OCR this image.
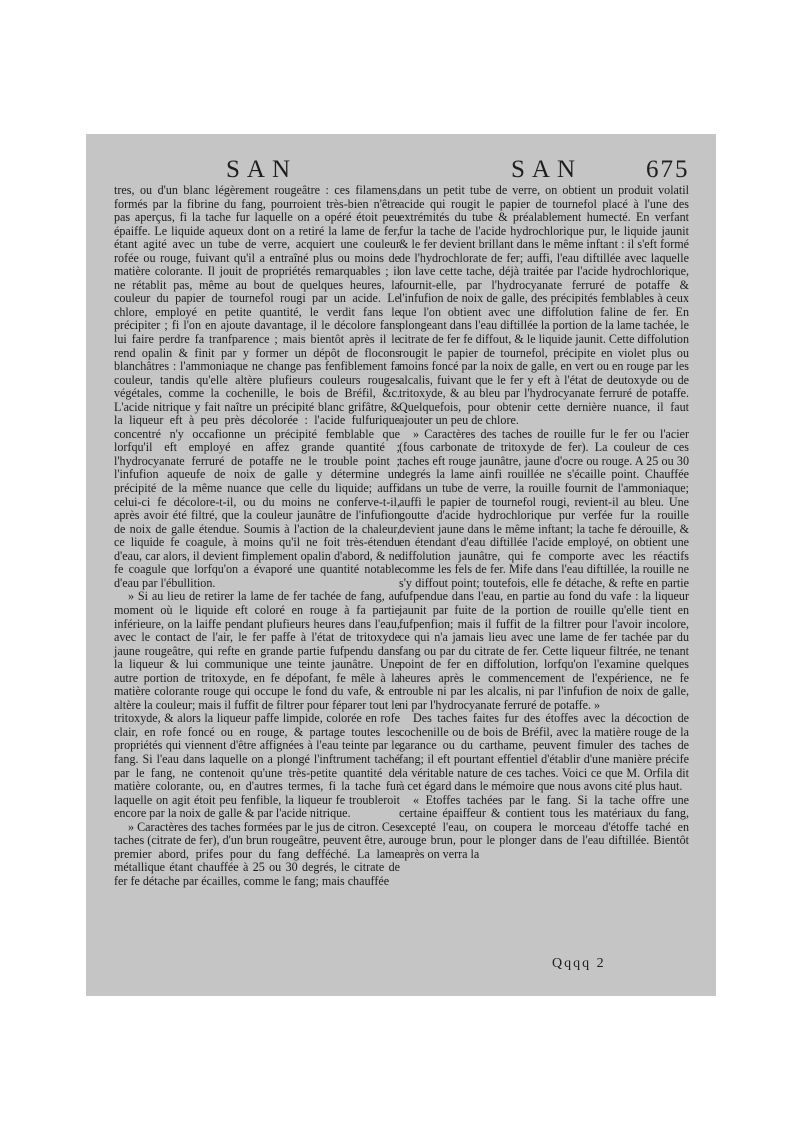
SAN	SAN	675

tres, ou d'un blanc légèrement rougeâtre : ces filamens, formés par la fibrine du fang, pourroient très-bien n'être pas aperçus, fi la tache fur laquelle on a opéré étoit peu épaiffe. Le liquide aqueux dont on a retiré la lame de fer, étant agité avec un tube de verre, acquiert une couleur rofée ou rouge, fuivant qu'il a entraîné plus ou moins de matière colorante. Il jouit de propriétés remarquables ; il ne rétablit pas, même au bout de quelques heures, la couleur du papier de tournefol rougi par un acide. Le chlore, employé en petite quantité, le verdit fans le précipiter ; fi l'on en ajoute davantage, il le décolore fans lui faire perdre fa tranfparence ; mais bientôt après il le rend opalin & finit par y former un dépôt de flocons blanchâtres : l'ammoniaque ne change pas fenfiblement fa couleur, tandis qu'elle altère plufieurs couleurs rouges végétales, comme la cochenille, le bois de Bréfil, &c. L'acide nitrique y fait naître un précipité blanc grifâtre, & la liqueur eft à peu près décolorée : l'acide fulfurique concentré n'y occafionne un précipité femblable que lorfqu'il eft employé en affez grande quantité ; l'hydrocyanate ferruré de potaffe ne le trouble point ; l'infufion aqueufe de noix de galle y détermine un précipité de la même nuance que celle du liquide; auffi celui-ci fe décolore-t-il, ou du moins ne conferve-t-il, après avoir été filtré, que la couleur jaunâtre de l'infufion de noix de galle étendue. Soumis à l'action de la chaleur, ce liquide fe coagule, à moins qu'il ne foit très-étendu d'eau, car alors, il devient fimplement opalin d'abord, & ne fe coagule que lorfqu'on a évaporé une quantité notable d'eau par l'ébullition.

» Si au lieu de retirer la lame de fer tachée de fang, au moment où le liquide eft coloré en rouge à fa partie inférieure, on la laiffe pendant plufieurs heures dans l'eau, avec le contact de l'air, le fer paffe à l'état de tritoxyde jaune rougeâtre, qui refte en grande partie fufpendu dans la liqueur & lui communique une teinte jaunâtre. Une autre portion de tritoxyde, en fe dépofant, fe mêle à la matière colorante rouge qui occupe le fond du vafe, & en altère la couleur; mais il fuffit de filtrer pour féparer tout le tritoxyde, & alors la liqueur paffe limpide, colorée en rofe clair, en rofe foncé ou en rouge, & partage toutes les propriétés qui viennent d'être affignées à l'eau teinte par le fang. Si l'eau dans laquelle on a plongé l'inftrument taché par le fang, ne contenoit qu'une très-petite quantité de matière colorante, ou, en d'autres termes, fi la tache fur laquelle on agit étoit peu fenfible, la liqueur fe troubleroit encore par la noix de galle & par l'acide nitrique.

» Caractères des taches formées par le jus de citron. Ces taches (citrate de fer), d'un brun rougeâtre, peuvent être, au premier abord, prifes pour du fang defféché. La lame métallique étant chauffée à 25 ou 30 degrés, le citrate de fer fe détache par écailles, comme le fang; mais chauffée

dans un petit tube de verre, on obtient un produit volatil acide qui rougit le papier de tournefol placé à l'une des extrémités du tube & préalablement humecté. En verfant fur la tache de l'acide hydrochlorique pur, le liquide jaunit & le fer devient brillant dans le même inftant : il s'eft formé de l'hydrochlorate de fer; auffi, l'eau diftillée avec laquelle on lave cette tache, déjà traitée par l'acide hydrochlorique, fournit-elle, par l'hydrocyanate ferruré de potaffe & l'infufion de noix de galle, des précipités femblables à ceux que l'on obtient avec une diffolution faline de fer. En plongeant dans l'eau diftillée la portion de la lame tachée, le citrate de fer fe diffout, & le liquide jaunit. Cette diffolution rougit le papier de tournefol, précipite en violet plus ou moins foncé par la noix de galle, en vert ou en rouge par les alcalis, fuivant que le fer y eft à l'état de deutoxyde ou de tritoxyde, & au bleu par l'hydrocyanate ferruré de potaffe. Quelquefois, pour obtenir cette dernière nuance, il faut ajouter un peu de chlore.

» Caractères des taches de rouille fur le fer ou l'acier (fous carbonate de tritoxyde de fer). La couleur de ces taches eft rouge jaunâtre, jaune d'ocre ou rouge. A 25 ou 30 degrés la lame ainfi rouillée ne s'écaille point. Chauffée dans un tube de verre, la rouille fournit de l'ammoniaque; auffi le papier de tournefol rougi, revient-il au bleu. Une goutte d'acide hydrochlorique pur verfée fur la rouille devient jaune dans le même inftant; la tache fe dérouille, & en étendant d'eau diftillée l'acide employé, on obtient une diffolution jaunâtre, qui fe comporte avec les réactifs comme les fels de fer. Mife dans l'eau diftillée, la rouille ne s'y diffout point; toutefois, elle fe détache, & refte en partie fufpendue dans l'eau, en partie au fond du vafe : la liqueur jaunit par fuite de la portion de rouille qu'elle tient en fufpenfion; mais il fuffit de la filtrer pour l'avoir incolore, ce qui n'a jamais lieu avec une lame de fer tachée par du fang ou par du citrate de fer. Cette liqueur filtrée, ne tenant point de fer en diffolution, lorfqu'on l'examine quelques heures après le commencement de l'expérience, ne fe trouble ni par les alcalis, ni par l'infufion de noix de galle, ni par l'hydrocyanate ferruré de potaffe. »

Des taches faites fur des étoffes avec la décoction de cochenille ou de bois de Bréfil, avec la matière rouge de la garance ou du carthame, peuvent fimuler des taches de fang; il eft pourtant effentiel d'établir d'une manière précife la véritable nature de ces taches. Voici ce que M. Orfila dit à cet égard dans le mémoire que nous avons cité plus haut.

« Etoffes tachées par le fang. Si la tache offre une certaine épaiffeur & contient tous les matériaux du fang, excepté l'eau, on coupera le morceau d'étoffe taché en rouge brun, pour le plonger dans de l'eau diftillée. Bientôt après on verra la

Qqqq 2
